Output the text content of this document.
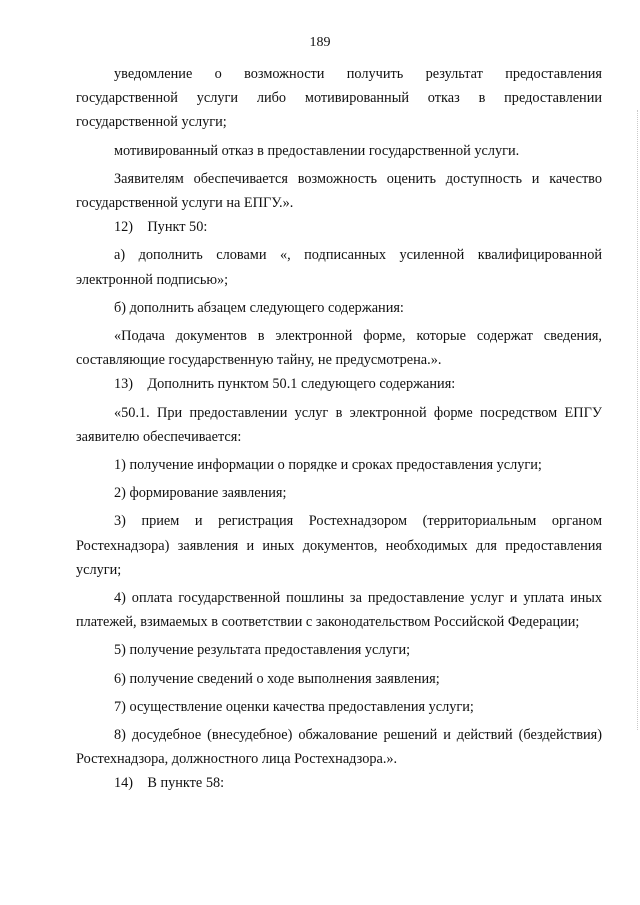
189

уведомление о возможности получить результат предоставления государственной услуги либо мотивированный отказ в предоставлении государственной услуги;

мотивированный отказ в предоставлении государственной услуги.

Заявителям обеспечивается возможность оценить доступность и качество государственной услуги на ЕПГУ.».

12)    Пункт 50:

а) дополнить словами «, подписанных усиленной квалифицированной электронной подписью»;

б) дополнить абзацем следующего содержания:

«Подача документов в электронной форме, которые содержат сведения, составляющие государственную тайну, не предусмотрена.».

13)    Дополнить пунктом 50.1 следующего содержания:

«50.1. При предоставлении услуг в электронной форме посредством ЕПГУ заявителю обеспечивается:

1) получение информации о порядке и сроках предоставления услуги;

2) формирование заявления;

3) прием и регистрация Ростехнадзором (территориальным органом Ростехнадзора) заявления и иных документов, необходимых для предоставления услуги;

4) оплата государственной пошлины за предоставление услуг и уплата иных платежей, взимаемых в соответствии с законодательством Российской Федерации;

5) получение результата предоставления услуги;

6) получение сведений о ходе выполнения заявления;

7) осуществление оценки качества предоставления услуги;

8) досудебное (внесудебное) обжалование решений и действий (бездействия) Ростехнадзора, должностного лица Ростехнадзора.».

14)    В пункте 58:
